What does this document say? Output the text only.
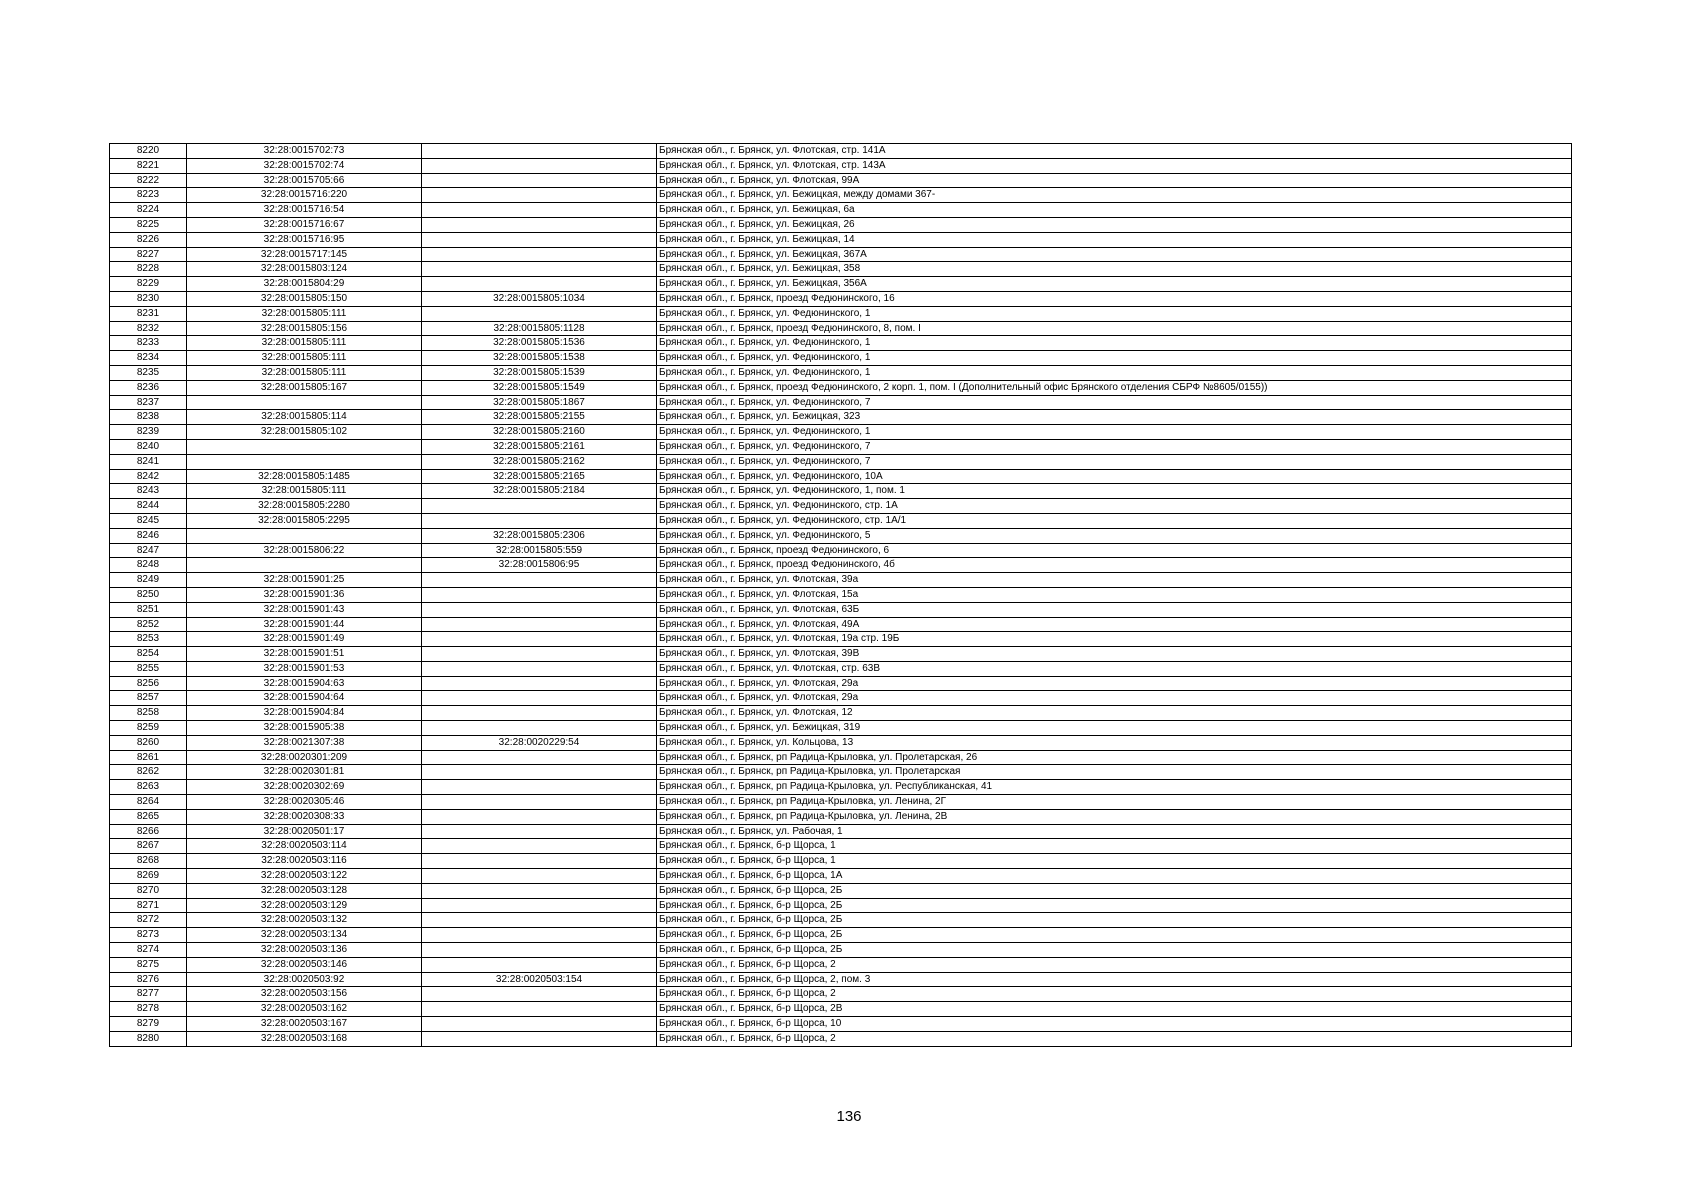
8220	32:28:0015702:73		Брянская обл., г. Брянск, ул. Флотская, стр. 141А
8221	32:28:0015702:74		Брянская обл., г. Брянск, ул. Флотская, стр. 143А
8222	32:28:0015705:66		Брянская обл., г. Брянск, ул. Флотская, 99А
8223	32:28:0015716:220		Брянская обл., г. Брянск, ул. Бежицкая, между домами 367-
8224	32:28:0015716:54		Брянская обл., г. Брянск, ул. Бежицкая, 6а
8225	32:28:0015716:67		Брянская обл., г. Брянск, ул. Бежицкая, 26
8226	32:28:0015716:95		Брянская обл., г. Брянск, ул. Бежицкая, 14
8227	32:28:0015717:145		Брянская обл., г. Брянск, ул. Бежицкая, 367А
8228	32:28:0015803:124		Брянская обл., г. Брянск, ул. Бежицкая, 358
8229	32:28:0015804:29		Брянская обл., г. Брянск, ул. Бежицкая, 356А
8230	32:28:0015805:150	32:28:0015805:1034	Брянская обл., г. Брянск, проезд Федюнинского, 16
8231	32:28:0015805:111		Брянская обл., г. Брянск, ул. Федюнинского, 1
8232	32:28:0015805:156	32:28:0015805:1128	Брянская обл., г. Брянск, проезд Федюнинского, 8, пом. I
8233	32:28:0015805:111	32:28:0015805:1536	Брянская обл., г. Брянск, ул. Федюнинского, 1
8234	32:28:0015805:111	32:28:0015805:1538	Брянская обл., г. Брянск, ул. Федюнинского, 1
8235	32:28:0015805:111	32:28:0015805:1539	Брянская обл., г. Брянск, ул. Федюнинского, 1
8236	32:28:0015805:167	32:28:0015805:1549	Брянская обл., г. Брянск, проезд Федюнинского, 2 корп. 1, пом. I (Дополнительный офис Брянского отделения СБРФ №8605/0155))
8237		32:28:0015805:1867	Брянская обл., г. Брянск, ул. Федюнинского, 7
8238	32:28:0015805:114	32:28:0015805:2155	Брянская обл., г. Брянск, ул. Бежицкая, 323
8239	32:28:0015805:102	32:28:0015805:2160	Брянская обл., г. Брянск, ул. Федюнинского, 1
8240		32:28:0015805:2161	Брянская обл., г. Брянск, ул. Федюнинского, 7
8241		32:28:0015805:2162	Брянская обл., г. Брянск, ул. Федюнинского, 7
8242	32:28:0015805:1485	32:28:0015805:2165	Брянская обл., г. Брянск, ул. Федюнинского, 10А
8243	32:28:0015805:111	32:28:0015805:2184	Брянская обл., г. Брянск, ул. Федюнинского, 1, пом. 1
8244	32:28:0015805:2280		Брянская обл., г. Брянск, ул. Федюнинского, стр. 1А
8245	32:28:0015805:2295		Брянская обл., г. Брянск, ул. Федюнинского, стр. 1А/1
8246		32:28:0015805:2306	Брянская обл., г. Брянск, ул. Федюнинского, 5
8247	32:28:0015806:22	32:28:0015805:559	Брянская обл., г. Брянск, проезд Федюнинского, 6
8248		32:28:0015806:95	Брянская обл., г. Брянск, проезд Федюнинского, 4б
8249	32:28:0015901:25		Брянская обл., г. Брянск, ул. Флотская, 39а
8250	32:28:0015901:36		Брянская обл., г. Брянск, ул. Флотская, 15а
8251	32:28:0015901:43		Брянская обл., г. Брянск, ул. Флотская, 63Б
8252	32:28:0015901:44		Брянская обл., г. Брянск, ул. Флотская, 49А
8253	32:28:0015901:49		Брянская обл., г. Брянск, ул. Флотская, 19а стр. 19Б
8254	32:28:0015901:51		Брянская обл., г. Брянск, ул. Флотская, 39В
8255	32:28:0015901:53		Брянская обл., г. Брянск, ул. Флотская, стр. 63В
8256	32:28:0015904:63		Брянская обл., г. Брянск, ул. Флотская, 29а
8257	32:28:0015904:64		Брянская обл., г. Брянск, ул. Флотская, 29а
8258	32:28:0015904:84		Брянская обл., г. Брянск, ул. Флотская, 12
8259	32:28:0015905:38		Брянская обл., г. Брянск, ул. Бежицкая, 319
8260	32:28:0021307:38	32:28:0020229:54	Брянская обл., г. Брянск, ул. Кольцова, 13
8261	32:28:0020301:209		Брянская обл., г. Брянск, рп Радица-Крыловка, ул. Пролетарская, 26
8262	32:28:0020301:81		Брянская обл., г. Брянск, рп Радица-Крыловка, ул. Пролетарская
8263	32:28:0020302:69		Брянская обл., г. Брянск, рп Радица-Крыловка, ул. Республиканская, 41
8264	32:28:0020305:46		Брянская обл., г. Брянск, рп Радица-Крыловка, ул. Ленина, 2Г
8265	32:28:0020308:33		Брянская обл., г. Брянск, рп Радица-Крыловка, ул. Ленина, 2В
8266	32:28:0020501:17		Брянская обл., г. Брянск, ул. Рабочая, 1
8267	32:28:0020503:114		Брянская обл., г. Брянск, б-р Щорса, 1
8268	32:28:0020503:116		Брянская обл., г. Брянск, б-р Щорса, 1
8269	32:28:0020503:122		Брянская обл., г. Брянск, б-р Щорса, 1А
8270	32:28:0020503:128		Брянская обл., г. Брянск, б-р Щорса, 2Б
8271	32:28:0020503:129		Брянская обл., г. Брянск, б-р Щорса, 2Б
8272	32:28:0020503:132		Брянская обл., г. Брянск, б-р Щорса, 2Б
8273	32:28:0020503:134		Брянская обл., г. Брянск, б-р Щорса, 2Б
8274	32:28:0020503:136		Брянская обл., г. Брянск, б-р Щорса, 2Б
8275	32:28:0020503:146		Брянская обл., г. Брянск, б-р Щорса, 2
8276	32:28:0020503:92	32:28:0020503:154	Брянская обл., г. Брянск, б-р Щорса, 2, пом. 3
8277	32:28:0020503:156		Брянская обл., г. Брянск, б-р Щорса, 2
8278	32:28:0020503:162		Брянская обл., г. Брянск, б-р Щорса, 2В
8279	32:28:0020503:167		Брянская обл., г. Брянск, б-р Щорса, 10
8280	32:28:0020503:168		Брянская обл., г. Брянск, б-р Щорса, 2
136
